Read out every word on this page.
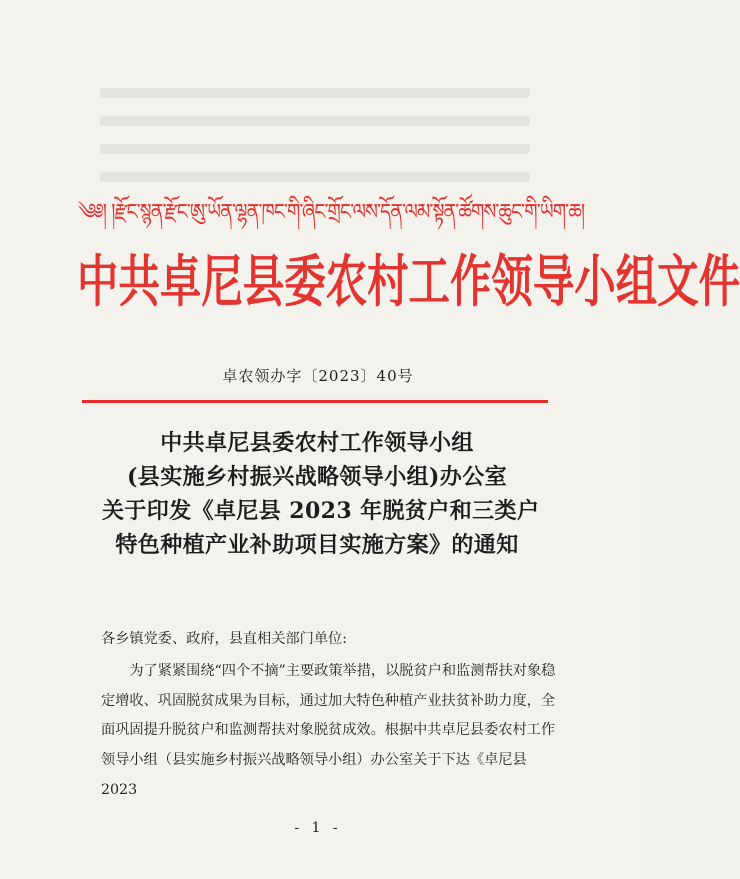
༄༅། །རྫོང་སྙན་རྫོང་ཨུ་ཡོན་ལྷན་ཁང་གི་ཞིང་གྲོང་ལས་དོན་ལམ་སྟོན་ཚོགས་ཆུང་གི་ཡིག་ཆ།
中共卓尼县委农村工作领导小组文件
卓农领办字〔2023〕40号
中共卓尼县委农村工作领导小组
(县实施乡村振兴战略领导小组)办公室
关于印发《卓尼县 2023 年脱贫户和三类户
特色种植产业补助项目实施方案》的通知

各乡镇党委、政府，县直相关部门单位:

为了紧紧围绕“四个不摘”主要政策举措，以脱贫户和监测帮扶对象稳定增收、巩固脱贫成果为目标，通过加大特色种植产业扶贫补助力度，全面巩固提升脱贫户和监测帮扶对象脱贫成效。根据中共卓尼县委农村工作领导小组（县实施乡村振兴战略领导小组）办公室关于下达《卓尼县 2023

- 1 -
